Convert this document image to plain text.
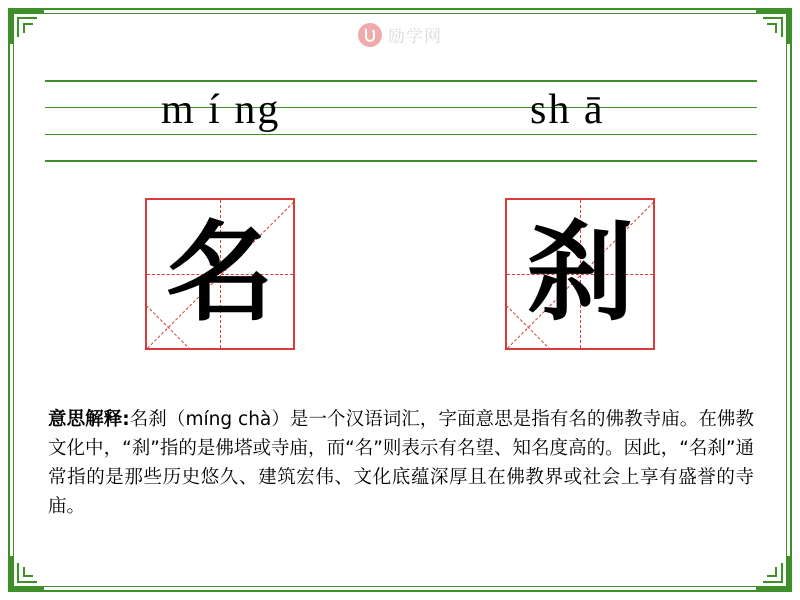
励学网
m í ng	sh ā
名 刹
意思解释:名刹（míng chà）是一个汉语词汇，字面意思是指有名的佛教寺庙。在佛教文化中，“刹”指的是佛塔或寺庙，而“名”则表示有名望、知名度高的。因此，“名刹”通常指的是那些历史悠久、建筑宏伟、文化底蕴深厚且在佛教界或社会上享有盛誉的寺庙。
